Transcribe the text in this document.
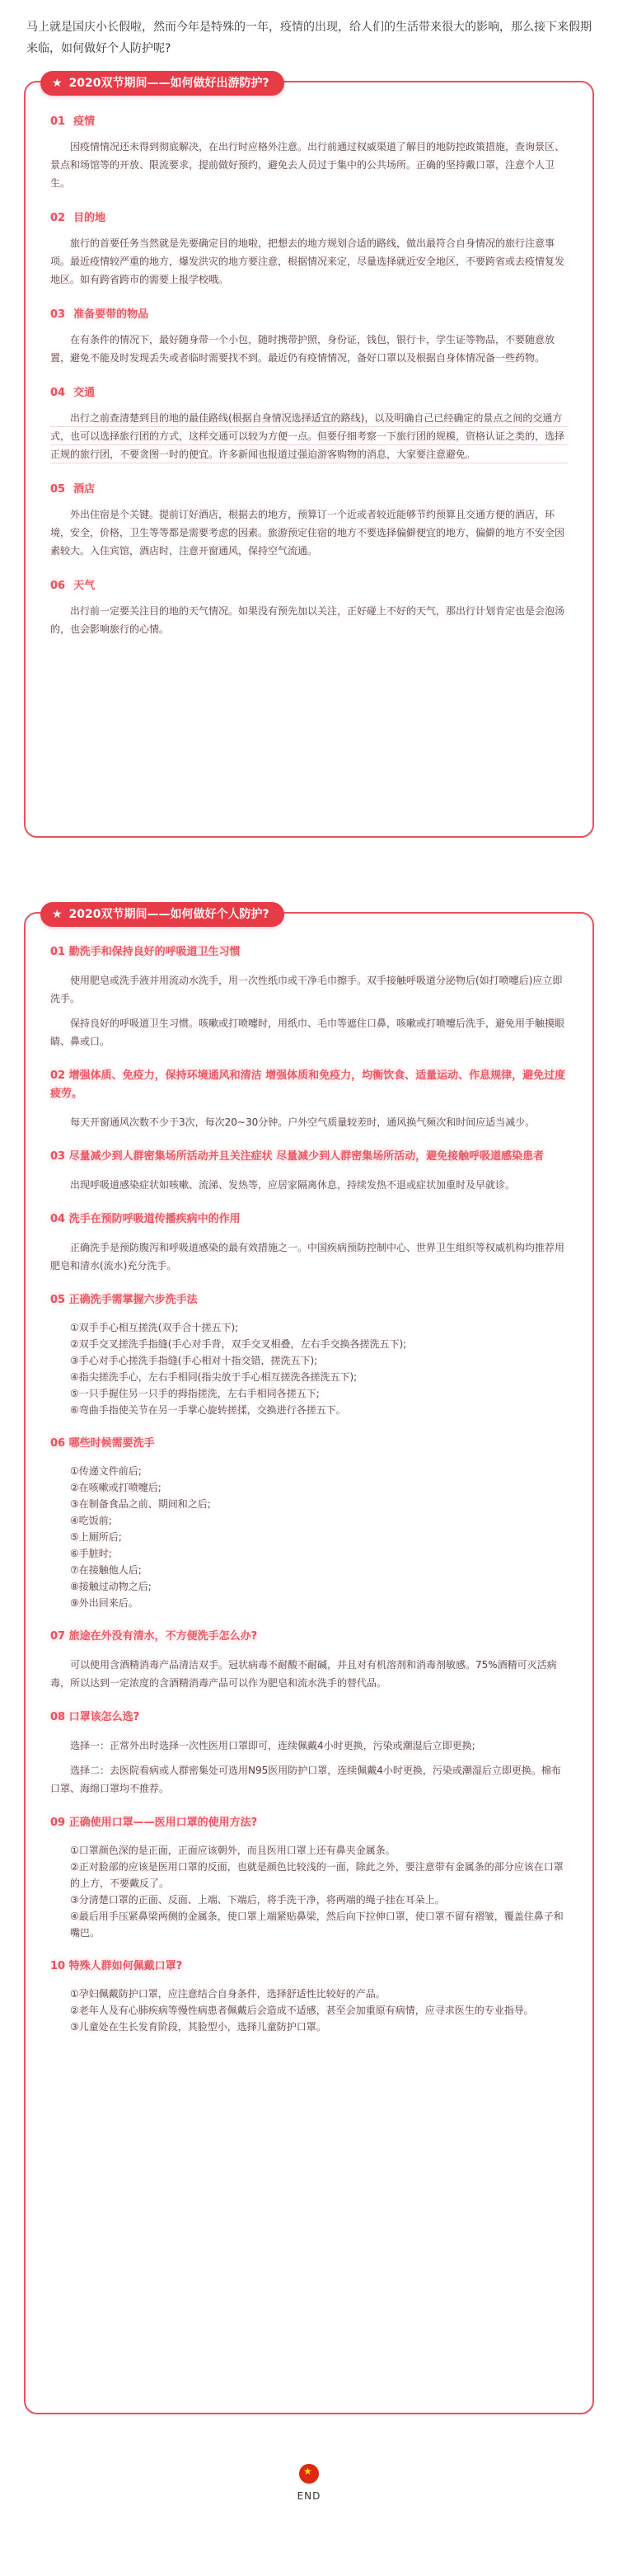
马上就是国庆小长假啦，然而今年是特殊的一年，疫情的出现，给人们的生活带来很大的影响，那么接下来假期来临，如何做好个人防护呢?
★ 2020双节期间——如何做好出游防护?
01 疫情

因疫情情况还未得到彻底解决，在出行时应格外注意。出行前通过权威渠道了解目的地防控政策措施，查询景区、景点和场馆等的开放、限流要求，提前做好预约，避免去人员过于集中的公共场所。正确的坚持戴口罩，注意个人卫生。

02 目的地

旅行的首要任务当然就是先要确定目的地啦，把想去的地方规划合适的路线，做出最符合自身情况的旅行注意事项。最近疫情较严重的地方，爆发洪灾的地方要注意，根据情况来定，尽量选择就近安全地区，不要跨省或去疫情复发地区。如有跨省跨市的需要上报学校哦。

03 准备要带的物品

在有条件的情况下，最好随身带一个小包，随时携带护照，身份证，钱包，银行卡，学生证等物品，不要随意放置，避免不能及时发现丢失或者临时需要找不到。最近仍有疫情情况，备好口罩以及根据自身体情况备一些药物。

04 交通

出行之前查清楚到目的地的最佳路线(根据自身情况选择适宜的路线)，以及明确自己已经确定的景点之间的交通方式，也可以选择旅行团的方式，这样交通可以较为方便一点。但要仔细考察一下旅行团的规模，资格认证之类的，选择正规的旅行团，不要贪图一时的便宜。许多新闻也报道过强迫游客购物的消息，大家要注意避免。

05 酒店

外出住宿是个关键。提前订好酒店，根据去的地方，预算订一个近或者较近能够节约预算且交通方便的酒店，环境，安全，价格，卫生等等都是需要考虑的因素。旅游预定住宿的地方不要选择偏僻便宜的地方，偏僻的地方不安全因素较大。入住宾馆，酒店时，注意开窗通风，保持空气流通。

06 天气

出行前一定要关注目的地的天气情况。如果没有预先加以关注，正好碰上不好的天气，那出行计划肯定也是会泡汤的，也会影响旅行的心情。

★ 2020双节期间——如何做好个人防护?
01 勤洗手和保持良好的呼吸道卫生习惯

使用肥皂或洗手液并用流动水洗手，用一次性纸巾或干净毛巾擦手。双手接触呼吸道分泌物后(如打喷嚏后)应立即洗手。

保持良好的呼吸道卫生习惯。咳嗽或打喷嚏时，用纸巾、毛巾等遮住口鼻，咳嗽或打喷嚏后洗手，避免用手触摸眼睛、鼻或口。

02 增强体质、免疫力，保持环境通风和清洁 增强体质和免疫力，均衡饮食、适量运动、作息规律，避免过度疲劳。

每天开窗通风次数不少于3次，每次20~30分钟。户外空气质量较差时，通风换气频次和时间应适当减少。

03 尽量减少到人群密集场所活动并且关注症状 尽量减少到人群密集场所活动，避免接触呼吸道感染患者

出现呼吸道感染症状如咳嗽、流涕、发热等，应居家隔离休息，持续发热不退或症状加重时及早就诊。

04 洗手在预防呼吸道传播疾病中的作用

正确洗手是预防腹泻和呼吸道感染的最有效措施之一。中国疾病预防控制中心、世界卫生组织等权威机构均推荐用肥皂和清水(流水)充分洗手。

05 正确洗手需掌握六步洗手法
①双手手心相互搓洗(双手合十搓五下);
②双手交叉搓洗手指缝(手心对手背，双手交叉相叠，左右手交换各搓洗五下);
③手心对手心搓洗手指缝(手心相对十指交错，搓洗五下);
④指尖搓洗手心，左右手相同(指尖放于手心相互搓洗各搓洗五下);
⑤一只手握住另一只手的拇指搓洗，左右手相同各搓五下;
⑥弯曲手指使关节在另一手掌心旋转搓揉，交换进行各搓五下。
06 哪些时候需要洗手
①传递文件前后;
②在咳嗽或打喷嚏后;
③在制备食品之前、期间和之后;
④吃饭前;
⑤上厕所后;
⑥手脏时;
⑦在接触他人后;
⑧接触过动物之后;
⑨外出回来后。
07 旅途在外没有清水，不方便洗手怎么办?

可以使用含酒精消毒产品清洁双手。冠状病毒不耐酸不耐碱，并且对有机溶剂和消毒剂敏感。75%酒精可灭活病毒，所以达到一定浓度的含酒精消毒产品可以作为肥皂和流水洗手的替代品。

08 口罩该怎么选?

选择一：正常外出时选择一次性医用口罩即可，连续佩戴4小时更换，污染或潮湿后立即更换;

选择二：去医院看病或人群密集处可选用N95医用防护口罩，连续佩戴4小时更换，污染或潮湿后立即更换。棉布口罩、海绵口罩均不推荐。

09 正确使用口罩——医用口罩的使用方法?
①口罩颜色深的是正面，正面应该朝外，而且医用口罩上还有鼻夹金属条。
②正对脸部的应该是医用口罩的反面，也就是颜色比较浅的一面，除此之外，要注意带有金属条的部分应该在口罩的上方，不要戴反了。
③分清楚口罩的正面、反面、上端、下端后，将手洗干净，将两端的绳子挂在耳朵上。
④最后用手压紧鼻梁两侧的金属条，使口罩上端紧贴鼻梁，然后向下拉伸口罩，使口罩不留有褶皱，覆盖住鼻子和嘴巴。
10 特殊人群如何佩戴口罩?
①孕妇佩戴防护口罩，应注意结合自身条件，选择舒适性比较好的产品。
②老年人及有心肺疾病等慢性病患者佩戴后会造成不适感，甚至会加重原有病情，应寻求医生的专业指导。
③儿童处在生长发育阶段，其脸型小，选择儿童防护口罩。
★
END
